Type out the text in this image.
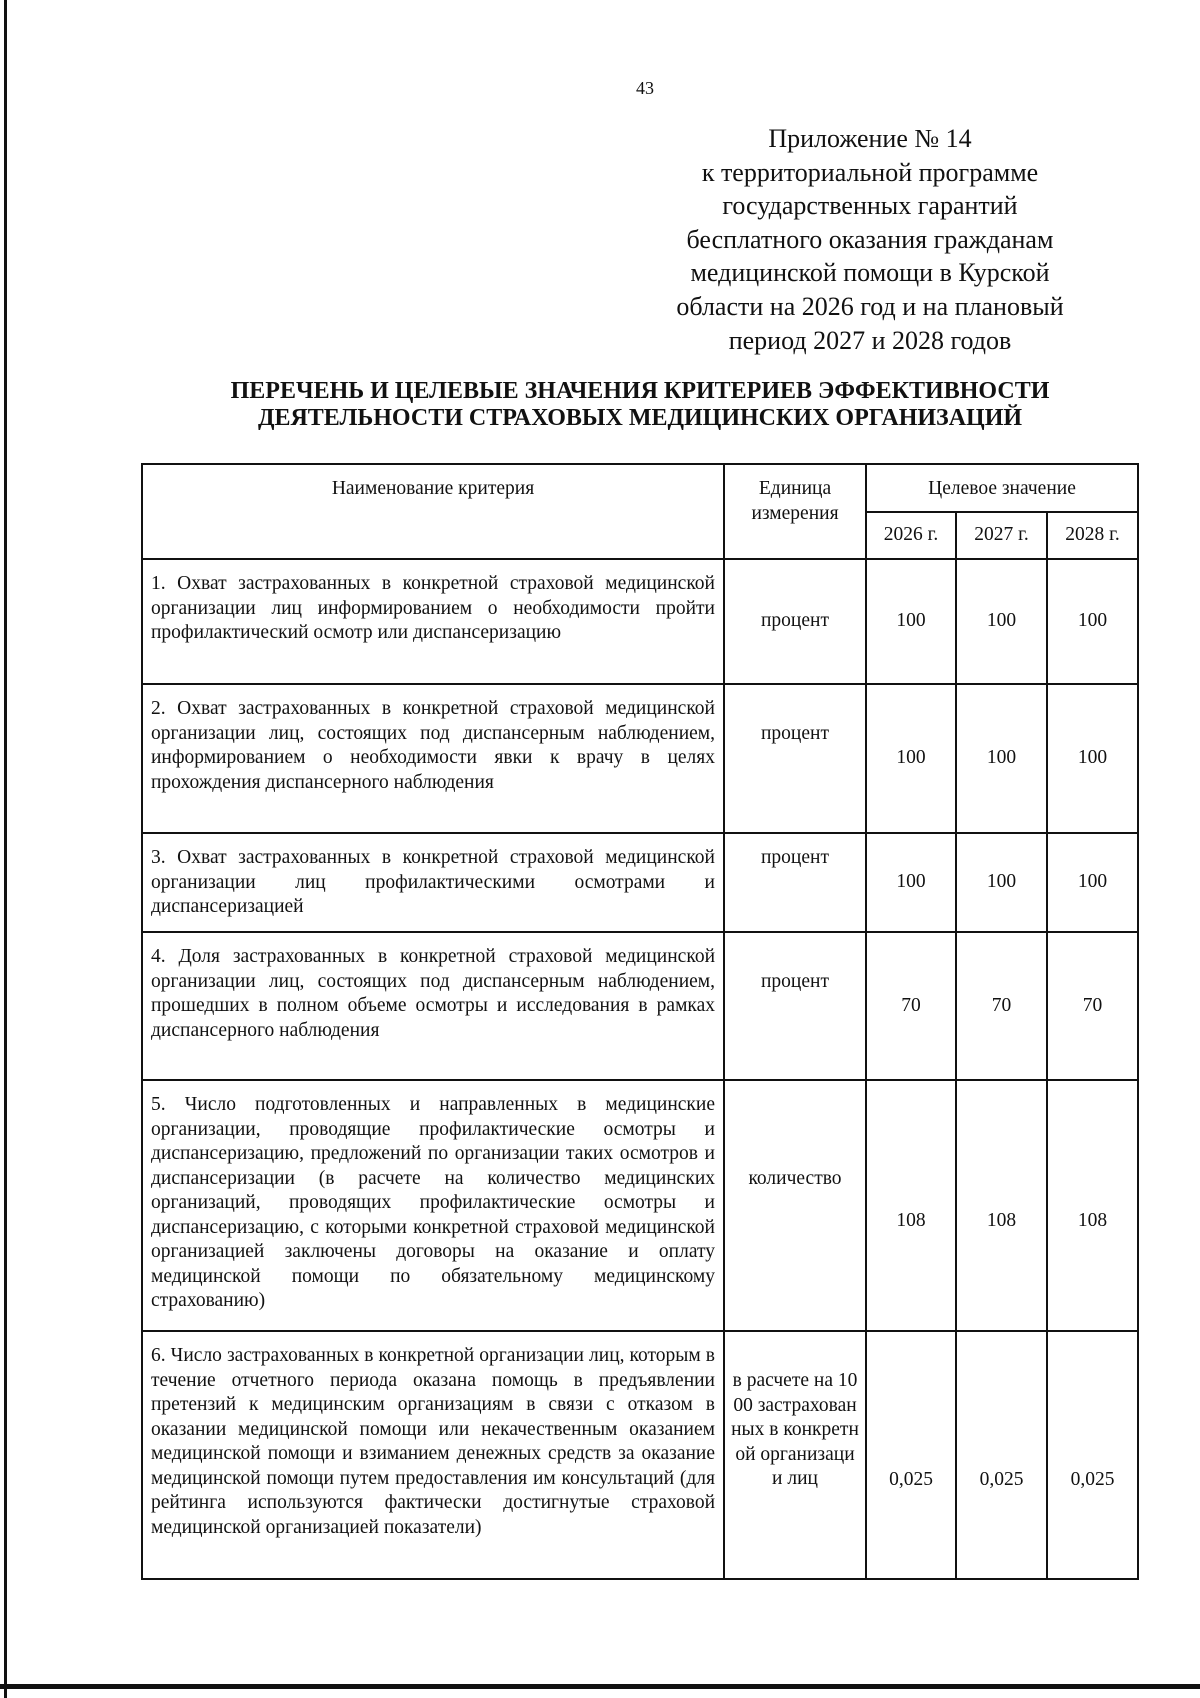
43
Приложение № 14
к территориальной программе
государственных гарантий
бесплатного оказания гражданам
медицинской помощи в Курской
области на 2026 год и на плановый
период 2027 и 2028 годов
ПЕРЕЧЕНЬ И ЦЕЛЕВЫЕ ЗНАЧЕНИЯ КРИТЕРИЕВ ЭФФЕКТИВНОСТИ
ДЕЯТЕЛЬНОСТИ СТРАХОВЫХ МЕДИЦИНСКИХ ОРГАНИЗАЦИЙ
Наименование критерия	Единица измерения	Целевое значение		
		2026 г.	2027 г.	2028 г.
1. Охват застрахованных в конкретной страховой медицинской организации лиц информированием о необходимости пройти профилактический осмотр или диспансеризацию	процент	100	100	100
2. Охват застрахованных в конкретной страховой медицинской организации лиц, состоящих под диспансерным наблюдением, информированием о необходимости явки к врачу в целях прохождения диспансерного наблюдения	процент	100	100	100
3. Охват застрахованных в конкретной страховой медицинской организации лиц профилактическими осмотрами и диспансеризацией	процент	100	100	100
4. Доля застрахованных в конкретной страховой медицинской организации лиц, состоящих под диспансерным наблюдением, прошедших в полном объеме осмотры и исследования в рамках диспансерного наблюдения	процент	70	70	70
5. Число подготовленных и направленных в медицинские организации, проводящие профилактические осмотры и диспансеризацию, предложений по организации таких осмотров и диспансеризации (в расчете на количество медицинских организаций, проводящих профилактические осмотры и диспансеризацию, с которыми конкретной страховой медицинской организацией заключены договоры на оказание и оплату медицинской помощи по обязательному медицинскому страхованию)	количество	108	108	108
6. Число застрахованных в конкретной организации лиц, которым в течение отчетного периода оказана помощь в предъявлении претензий к медицинским организациям в связи с отказом в оказании медицинской помощи или некачественным оказанием медицинской помощи и взиманием денежных средств за оказание медицинской помощи путем предоставления им консультаций (для рейтинга используются фактически достигнутые страховой медицинской организацией показатели)	в расчете на 1000 застрахованных в конкретной организации лиц	0,025	0,025	0,025
